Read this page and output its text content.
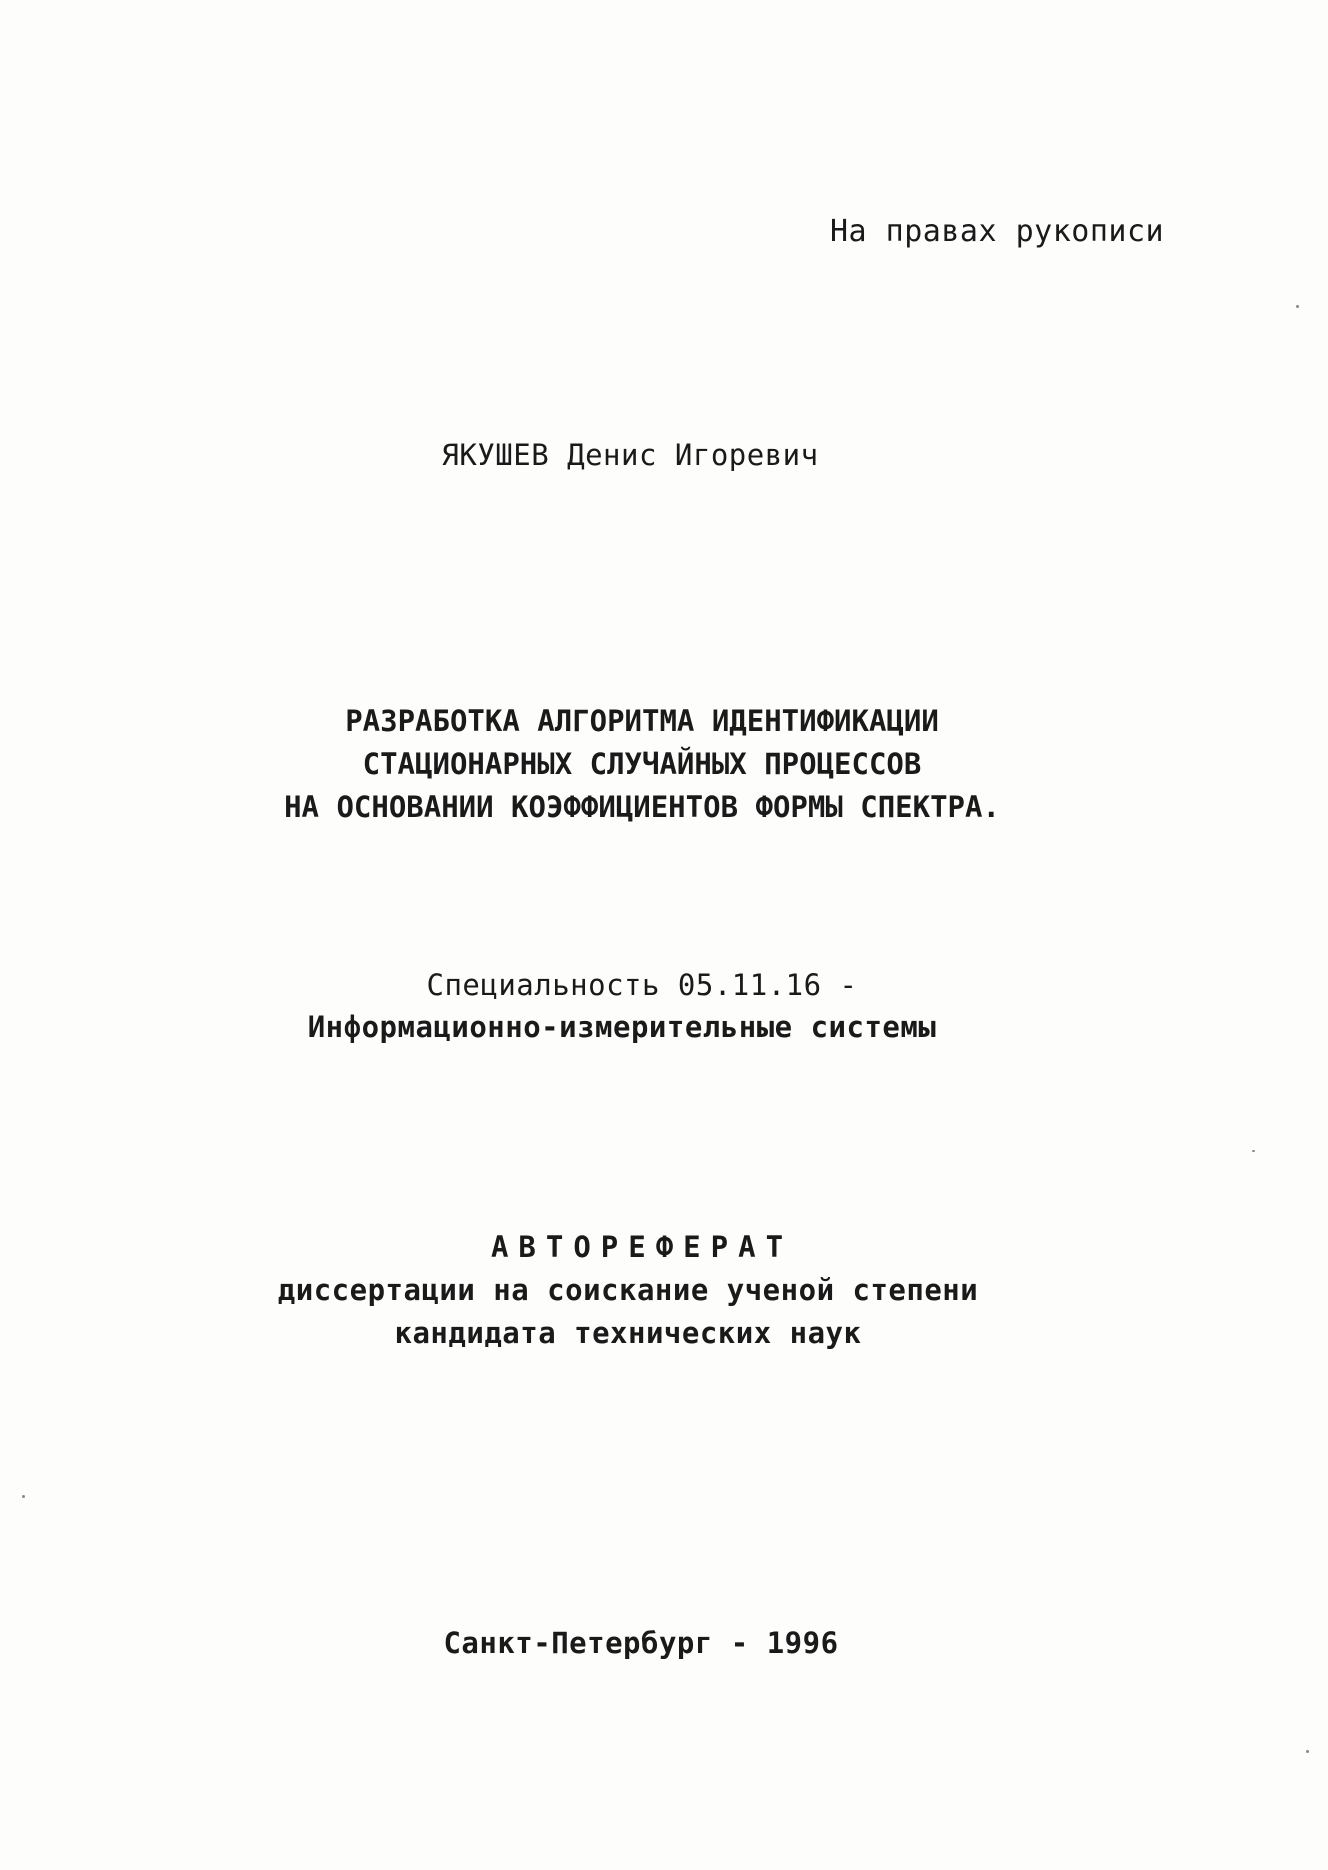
На правах рукописи
ЯКУШЕВ Денис Игоревич
РАЗРАБОТКА АЛГОРИТМА ИДЕНТИФИКАЦИИ
СТАЦИОНАРНЫХ СЛУЧАЙНЫХ ПРОЦЕССОВ
НА ОСНОВАНИИ КОЭФФИЦИЕНТОВ ФОРМЫ СПЕКТРА.
Специальность 05.11.16 -
Информационно-измерительные системы
АВТОРЕФЕРАТ
диссертации на соискание ученой степени
кандидата технических наук
Санкт-Петербург - 1996
